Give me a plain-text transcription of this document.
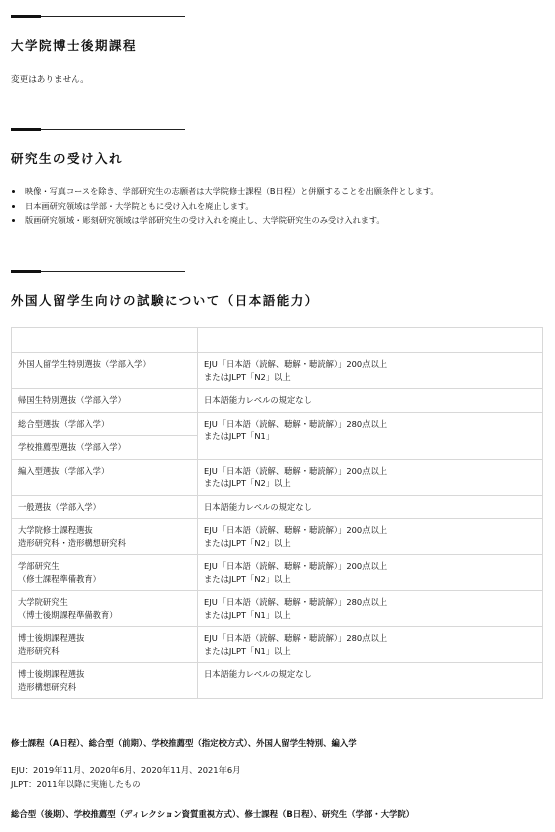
大学院博士後期課程

変更はありません。

研究生の受け入れ
映像・写真コースを除き、学部研究生の志願者は大学院修士課程（B日程）と併願することを出願条件とします。
日本画研究領域は学部・大学院ともに受け入れを廃止します。
版画研究領域・彫刻研究領域は学部研究生の受け入れを廃止し、大学院研究生のみ受け入れます。
外国人留学生向けの試験について（日本語能力）

外国人留学生特別選抜（学部入学）	EJU「日本語（読解、聴解・聴読解）」200点以上
またはJLPT「N2」以上
帰国生特別選抜（学部入学）	日本語能力レベルの規定なし
総合型選抜（学部入学）	EJU「日本語（読解、聴解・聴読解）」280点以上
またはJLPT「N1」
学校推薦型選抜（学部入学）	
編入型選抜（学部入学）	EJU「日本語（読解、聴解・聴読解）」200点以上
またはJLPT「N2」以上
一般選抜（学部入学）	日本語能力レベルの規定なし
大学院修士課程選抜
造形研究科・造形構想研究科	EJU「日本語（読解、聴解・聴読解）」200点以上
またはJLPT「N2」以上
学部研究生
（修士課程準備教育）	EJU「日本語（読解、聴解・聴読解）」200点以上
またはJLPT「N2」以上
大学院研究生
（博士後期課程準備教育）	EJU「日本語（読解、聴解・聴読解）」280点以上
またはJLPT「N1」以上
博士後期課程選抜
造形研究科	EJU「日本語（読解、聴解・聴読解）」280点以上
またはJLPT「N1」以上
博士後期課程選抜
造形構想研究科	日本語能力レベルの規定なし

修士課程（A日程）、総合型（前期）、学校推薦型（指定校方式）、外国人留学生特別、編入学

EJU：2019年11月、2020年6月、2020年11月、2021年6月

JLPT：2011年以降に実施したもの

総合型（後期）、学校推薦型（ディレクション資質重視方式）、修士課程（B日程）、研究生（学部・大学院）
